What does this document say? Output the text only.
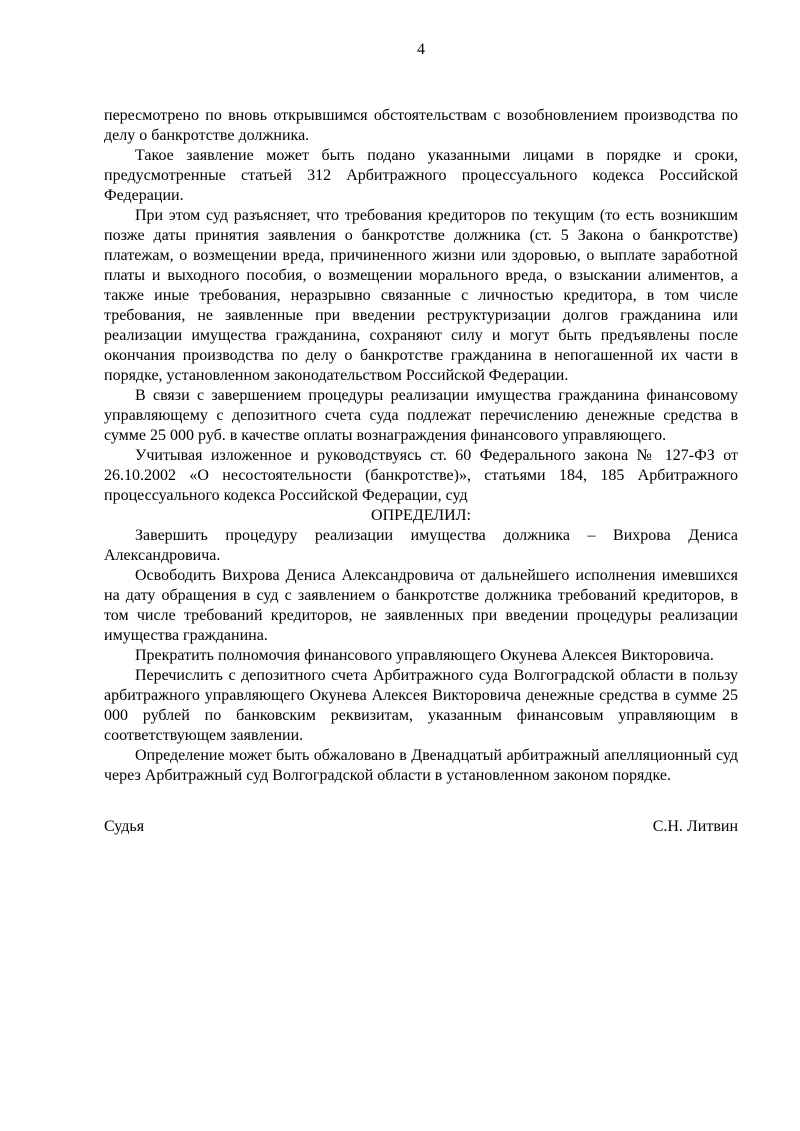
4

пересмотрено по вновь открывшимся обстоятельствам с возобновлением производства по делу о банкротстве должника.

Такое заявление может быть подано указанными лицами в порядке и сроки, предусмотренные статьей 312 Арбитражного процессуального кодекса Российской Федерации.

При этом суд разъясняет, что требования кредиторов по текущим (то есть возникшим позже даты принятия заявления о банкротстве должника (ст. 5 Закона о банкротстве) платежам, о возмещении вреда, причиненного жизни или здоровью, о выплате заработной платы и выходного пособия, о возмещении морального вреда, о взыскании алиментов, а также иные требования, неразрывно связанные с личностью кредитора, в том числе требования, не заявленные при введении реструктуризации долгов гражданина или реализации имущества гражданина, сохраняют силу и могут быть предъявлены после окончания производства по делу о банкротстве гражданина в непогашенной их части в порядке, установленном законодательством Российской Федерации.

В связи с завершением процедуры реализации имущества гражданина финансовому управляющему с депозитного счета суда подлежат перечислению денежные средства в сумме 25 000 руб. в качестве оплаты вознаграждения финансового управляющего.

Учитывая изложенное и руководствуясь ст. 60 Федерального закона № 127-ФЗ от 26.10.2002 «О несостоятельности (банкротстве)», статьями 184, 185 Арбитражного процессуального кодекса Российской Федерации, суд

ОПРЕДЕЛИЛ:

Завершить процедуру реализации имущества должника – Вихрова Дениса Александровича.

Освободить Вихрова Дениса Александровича от дальнейшего исполнения имевшихся на дату обращения в суд с заявлением о банкротстве должника требований кредиторов, в том числе требований кредиторов, не заявленных при введении процедуры реализации имущества гражданина.

Прекратить полномочия финансового управляющего Окунева Алексея Викторовича.

Перечислить с депозитного счета Арбитражного суда Волгоградской области в пользу арбитражного управляющего Окунева Алексея Викторовича денежные средства в сумме 25 000 рублей по банковским реквизитам, указанным финансовым управляющим в соответствующем заявлении.

Определение может быть обжаловано в Двенадцатый арбитражный апелляционный суд через Арбитражный суд Волгоградской области в установленном законом порядке.

Судья	С.Н. Литвин
